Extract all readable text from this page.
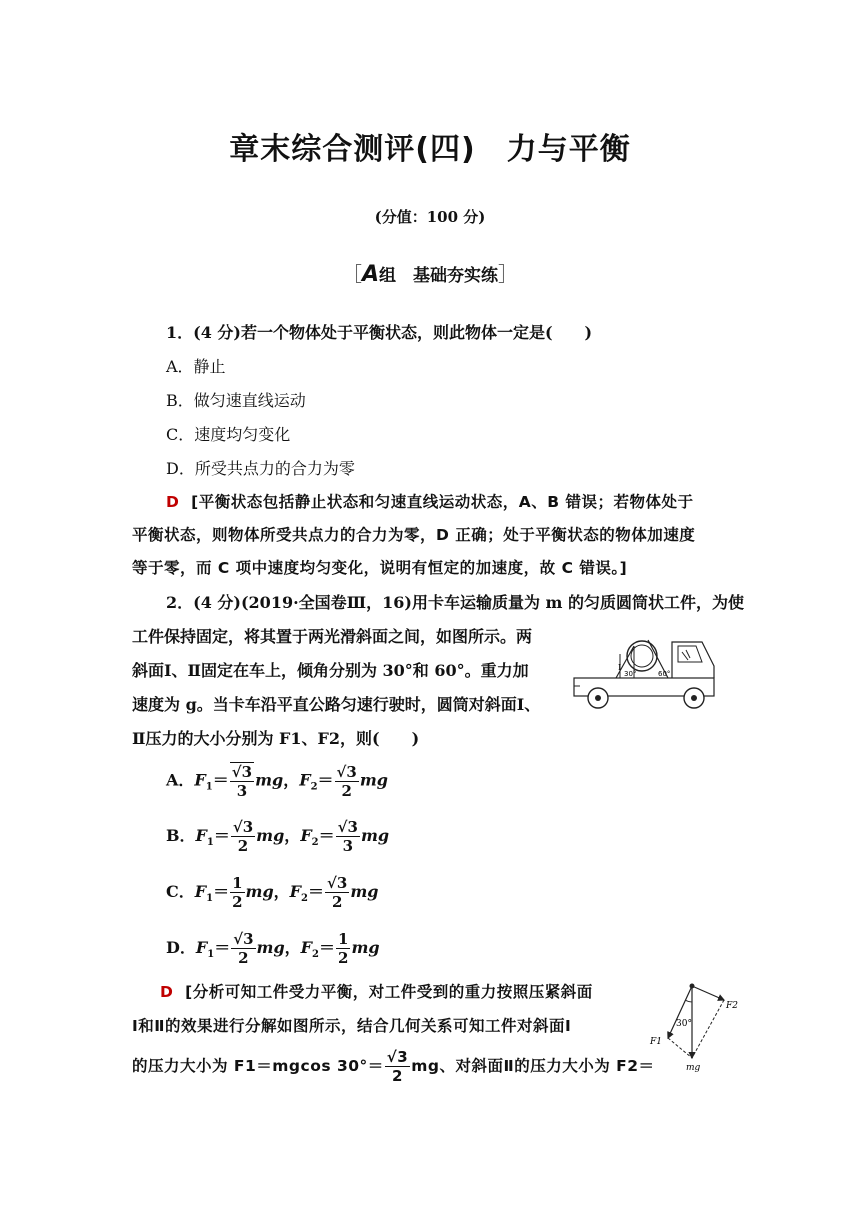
章末综合测评(四)　力与平衡
(分值：100 分)
［A组　基础夯实练］
1．(4 分)若一个物体处于平衡状态，则此物体一定是(　　)
A．静止
B．做匀速直线运动
C．速度均匀变化
D．所受共点力的合力为零
D [平衡状态包括静止状态和匀速直线运动状态，A、B 错误；若物体处于
平衡状态，则物体所受共点力的合力为零，D 正确；处于平衡状态的物体加速度
等于零，而 C 项中速度均匀变化，说明有恒定的加速度，故 C 错误。]
2．(4 分)(2019·全国卷Ⅲ，16)用卡车运输质量为 m 的匀质圆筒状工件，为使
工件保持固定，将其置于两光滑斜面之间，如图所示。两
斜面Ⅰ、Ⅱ固定在车上，倾角分别为 30°和 60°。重力加
速度为 g。当卡车沿平直公路匀速行驶时，圆筒对斜面Ⅰ、
Ⅱ压力的大小分别为 F1、F2，则(　　)
30°	60°
Ⅰ
A．$F_1= \frac{√3}{3}$ mg，$F_2= \frac{√3}{2}$ mg
B．$F_1= \frac{√3}{2}$ mg，$F_2= \frac{√3}{3}$ mg
C．$F_1= \frac{1}{2}$ mg，$F_2= \frac{√3}{2}$ mg
D．$F_1= \frac{√3}{2}$ mg，$F_2= \frac{1}{2}$ mg
D [分析可知工件受力平衡，对工件受到的重力按照压紧斜面
Ⅰ和Ⅱ的效果进行分解如图所示，结合几何关系可知工件对斜面Ⅰ
的压力大小为 F1＝mgcos $30^\circ= \frac{√3}{2}$ mg、对斜面Ⅱ的压力大小为 F2＝
30°
F2
F1
mg
